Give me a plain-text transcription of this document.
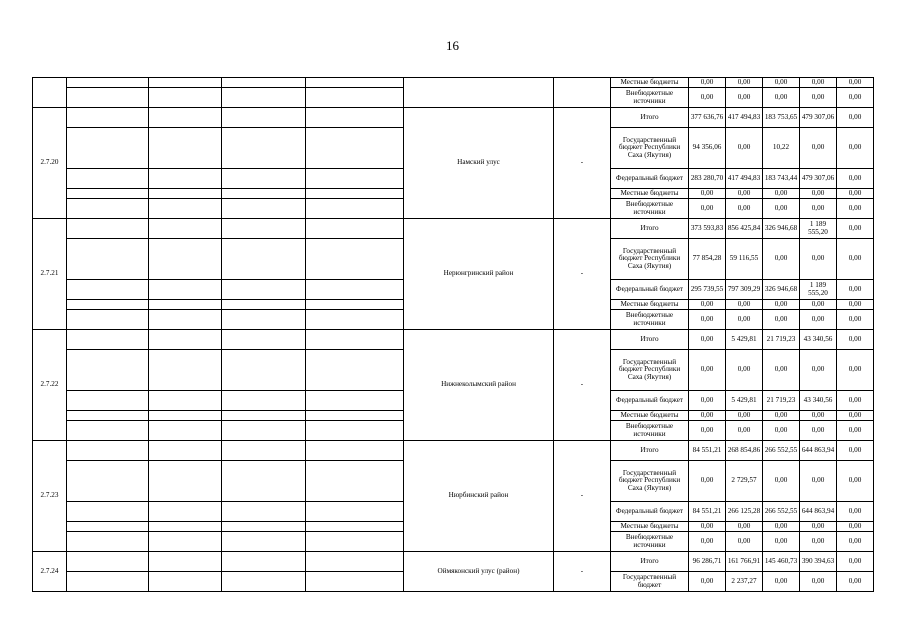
16
							Местные бюджеты	0,00	0,00	0,00	0,00	0,00
							Внебюджетные источники	0,00	0,00	0,00	0,00	0,00
2.7.20					Намский улус	-	Итого	377 636,76	417 494,83	183 753,65	479 307,06	0,00
							Государственный бюджет Республики Саха (Якутия)	94 356,06	0,00	10,22	0,00	0,00
							Федеральный бюджет	283 280,70	417 494,83	183 743,44	479 307,06	0,00
							Местные бюджеты	0,00	0,00	0,00	0,00	0,00
							Внебюджетные источники	0,00	0,00	0,00	0,00	0,00
2.7.21					Нерюнгринский район	-	Итого	373 593,83	856 425,84	326 946,68	1 189 555,20	0,00
							Государственный бюджет Республики Саха (Якутия)	77 854,28	59 116,55	0,00	0,00	0,00
							Федеральный бюджет	295 739,55	797 309,29	326 946,68	1 189 555,20	0,00
							Местные бюджеты	0,00	0,00	0,00	0,00	0,00
							Внебюджетные источники	0,00	0,00	0,00	0,00	0,00
2.7.22					Нижнеколымский район	-	Итого	0,00	5 429,81	21 719,23	43 340,56	0,00
							Государственный бюджет Республики Саха (Якутия)	0,00	0,00	0,00	0,00	0,00
							Федеральный бюджет	0,00	5 429,81	21 719,23	43 340,56	0,00
							Местные бюджеты	0,00	0,00	0,00	0,00	0,00
							Внебюджетные источники	0,00	0,00	0,00	0,00	0,00
2.7.23					Нюрбинский район	-	Итого	84 551,21	268 854,86	266 552,55	644 863,94	0,00
							Государственный бюджет Республики Саха (Якутия)	0,00	2 729,57	0,00	0,00	0,00
							Федеральный бюджет	84 551,21	266 125,28	266 552,55	644 863,94	0,00
							Местные бюджеты	0,00	0,00	0,00	0,00	0,00
							Внебюджетные источники	0,00	0,00	0,00	0,00	0,00
2.7.24					Оймяконский улус (район)	-	Итого	96 286,71	161 766,91	145 460,73	390 394,63	0,00
							Государственный бюджет	0,00	2 237,27	0,00	0,00	0,00
